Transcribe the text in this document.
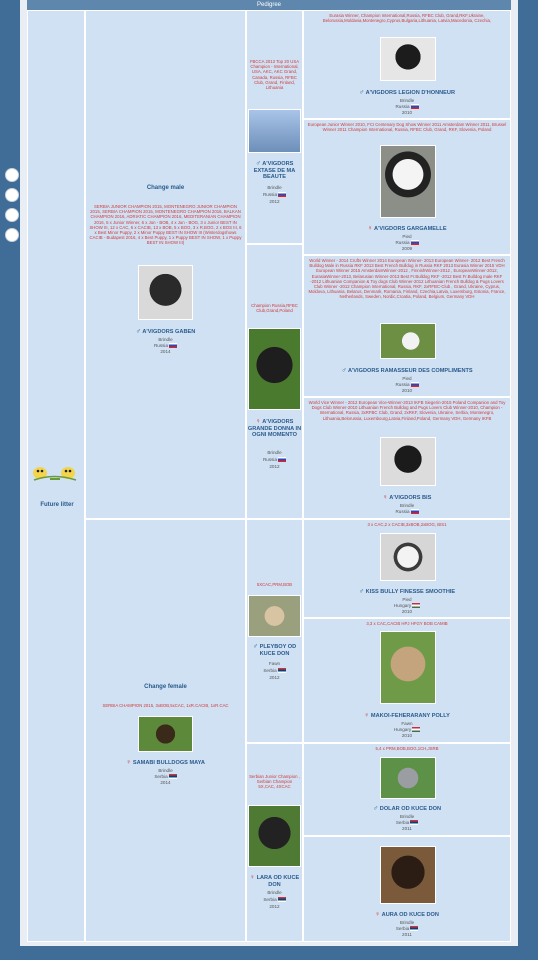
Pedigree
Future litter
Change male
SERBIA JUNIOR CHAMPION 2015, MONTENEGRO JUNIOR CHAMPION 2015, SERBIA CHAMPION 2015, MONTENEGRO CHAMPION 2016, BALKAN CHAMPION 2016, ADRIATIC CHAMPION 2016, MEDITERANIAN CHAMPION 2016, 5 x Junior Winner, 6 x Jun - BOB, 4 x Jun - BOG, 3 x Junior BEST IN SHOW III, 12 x CAC, 6 x CACIB, 13 x BOB, 5 x BOG, 3 x R.BOG, 2 x BOS III, 6 x Best Minor Puppy, 2 x Minor Puppy BEST IN SHOW III (Winterdogshows CACIB - Budapest 2016, 4 x Best Puppy, 1 x Puppy BEST IN SHOW, 1 x Puppy BEST IN SHOW III)
♂ A'VIGDORS GABEN
Brindle
Russia
2014
Change female
SERBIA CHAMPION 2015, 3xBOB,5xCAC, 1xR.CACIB, 1xR.CAC
♀ SAMABI BULLDOGS MAYA
Brindle
Serbia
2014
FBCCA 2013 Top 20 USA Champion - International, USA, AKC, AKC Grand, Canada, Russia, RFBC Club, Grand, Finland, Lithuania
♂ A'VIGDORS EXTASE DE MA BEAUTE
Brindle
Russia
2012
Champion Russia,RFBC Club,Grand,Poland
♀ A'VIGDORS GRANDE DONNA IN OGNI MOMENTO
Brindle
Russia
2012
5XCAC,PRM,BOB
♂ PLEYBOY OD KUCE DON
Fawn
Serbia
2012
Serbian Junior Champion , Serbian Champion 5X,CAC, 4XCAC
♀ LARA OD KUCE DON
Brindle
Serbia
2012
Eurasia Winner, Champion International,Russia, RFBC Club, Grand,RKF,Ukraine, Belorussia,Moldavia,Montenegro,Cyprus,Bulgaria,Lithuania, Latvia,Macedonia, Czechia,
♂ A'VIGDORS LEGION D'HONNEUR
Brindle
Russia
2010
European Junior Winner 2010, FCI Centenary Dog Show Winner 2011 Amsterdam Winner 2011, Brussel Winner 2011 Champion International, Russia, RFBC Club, Grand, RKF, Slovenia, Poland
♀ A'VIGDORS GARGAMELLE
Pied
Russia
2009
World Winner - 2014 Crufts Winner 2014 European Winner- 2013 European Winner- 2012 Best French Bulldog Male in Russia RKF 2013 Best French Bulldog in Russia RKF 2013 Eurasia Winner 2015 VDH European Winner 2015 AmsterdamWinner-2012 , FinnishWinner-2012 , EuropeanWinner-2012, EurasiaWinner-2013, Belarusian Winner-2013 Best Fr.Bulldog RKF -2012 Best Fr.Bulldog male RKF -2012 Lithuanian Companion & Toy dogs Club Winner-2012 Lithuanian French Bulldog & Pugs Lovers Club Winner -2012 Champion International, Russia, RKF, 2xRFBC-Club , Grand, Ukraine, Cyprus, Moldova, Lithuania, Belarus, Denmark, Romania, Finland, Czechia,Latvia, Luxemburg, Estonia, France, Netherlands, Sweden, Nordic,Croatia, Poland, Belgium, Germany VDH
♂ A'VIGDORS RAMASSEUR DES COMPLIMENTS
Pied
Russia
2010
World Vice Winner - 2012 European Vice-Winner-2013 IKFB Siegerin-2015 Poland Companion and Toy Dogs Club Winner-2010 Lithuanian French Bulldog and Pugs Lovers Club Winner-2010, Champion - International, Russia, 3xRFBC Club, Grand, 2xRKF, Slovenia, Ukraine, Serbia, Montenegro, Lithuania,Belorussia, Luxembourg,Latvia,Finland,Poland, Germany VDH, Germany IKFB
♀ A'VIGDORS BIS
Brindle
Russia
3 x CAC,2 x CACIB,3xBOB,2xBOG, BIS1
♂ KISS BULLY FINESSE SMOOTHIE
Pied
Hungary
2010
3,3 x CAC,CACIB HPJ HFGY BOB CAMIB
♀ MAKOI-FEHERARANY POLLY
Fawn
Hungary
2010
5,4 x PRM,BOB,BOG,1CH,JSRB
♂ DOLAR OD KUCE DON
Brindle
Serbia
2011
♀ AURA OD KUCE DON
Brindle
Serbia
2011
